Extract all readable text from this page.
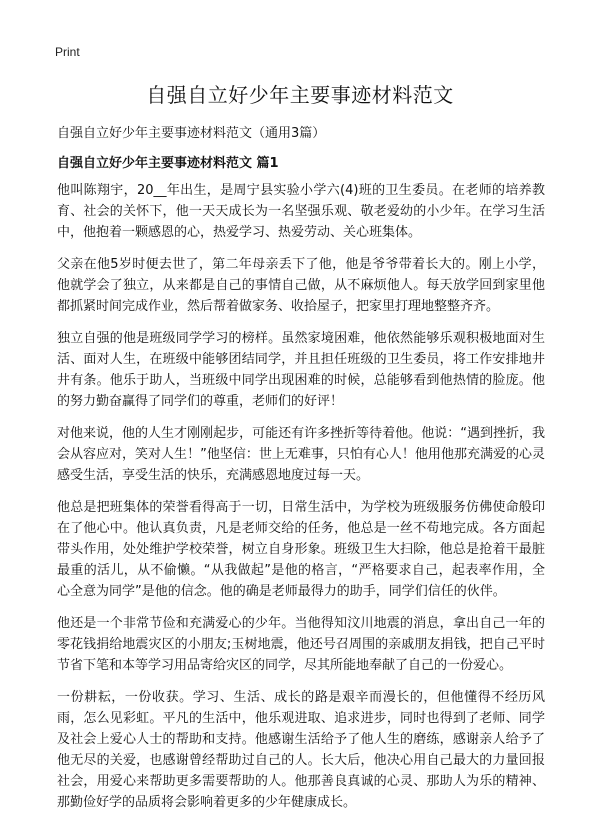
Print
自强自立好少年主要事迹材料范文
自强自立好少年主要事迹材料范文（通用3篇）
自强自立好少年主要事迹材料范文 篇1

他叫陈翔宇，20__年出生，是周宁县实验小学六(4)班的卫生委员。在老师的培养教育、社会的关怀下，他一天天成长为一名坚强乐观、敬老爱幼的小少年。在学习生活中，他抱着一颗感恩的心，热爱学习、热爱劳动、关心班集体。

父亲在他5岁时便去世了，第二年母亲丢下了他，他是爷爷带着长大的。刚上小学，他就学会了独立，从来都是自己的事情自己做，从不麻烦他人。每天放学回到家里他都抓紧时间完成作业，然后帮着做家务、收拾屋子，把家里打理地整整齐齐。

独立自强的他是班级同学学习的榜样。虽然家境困难，他依然能够乐观积极地面对生活、面对人生，在班级中能够团结同学，并且担任班级的卫生委员，将工作安排地井井有条。他乐于助人，当班级中同学出现困难的时候，总能够看到他热情的脸庞。他的努力勤奋赢得了同学们的尊重，老师们的好评！

对他来说，他的人生才刚刚起步，可能还有许多挫折等待着他。他说：“遇到挫折，我会从容应对，笑对人生！”他坚信：世上无难事，只怕有心人！他用他那充满爱的心灵感受生活，享受生活的快乐，充满感恩地度过每一天。

他总是把班集体的荣誉看得高于一切，日常生活中，为学校为班级服务仿佛使命般印在了他心中。他认真负责，凡是老师交给的任务，他总是一丝不苟地完成。各方面起带头作用，处处维护学校荣誉，树立自身形象。班级卫生大扫除，他总是抢着干最脏最重的活儿，从不偷懒。“从我做起”是他的格言，“严格要求自己，起表率作用，全心全意为同学”是他的信念。他的确是老师最得力的助手，同学们信任的伙伴。

他还是一个非常节俭和充满爱心的少年。当他得知汶川地震的消息，拿出自己一年的零花钱捐给地震灾区的小朋友;玉树地震，他还号召周围的亲戚朋友捐钱，把自己平时节省下笔和本等学习用品寄给灾区的同学，尽其所能地奉献了自己的一份爱心。

一份耕耘，一份收获。学习、生活、成长的路是艰辛而漫长的，但他懂得不经历风雨，怎么见彩虹。平凡的生活中，他乐观进取、追求进步，同时也得到了老师、同学及社会上爱心人士的帮助和支持。他感谢生活给予了他人生的磨练，感谢亲人给予了他无尽的关爱，也感谢曾经帮助过自己的人。长大后，他决心用自己最大的力量回报社会，用爱心来帮助更多需要帮助的人。他那善良真诚的心灵、那助人为乐的精神、那勤俭好学的品质将会影响着更多的少年健康成长。
